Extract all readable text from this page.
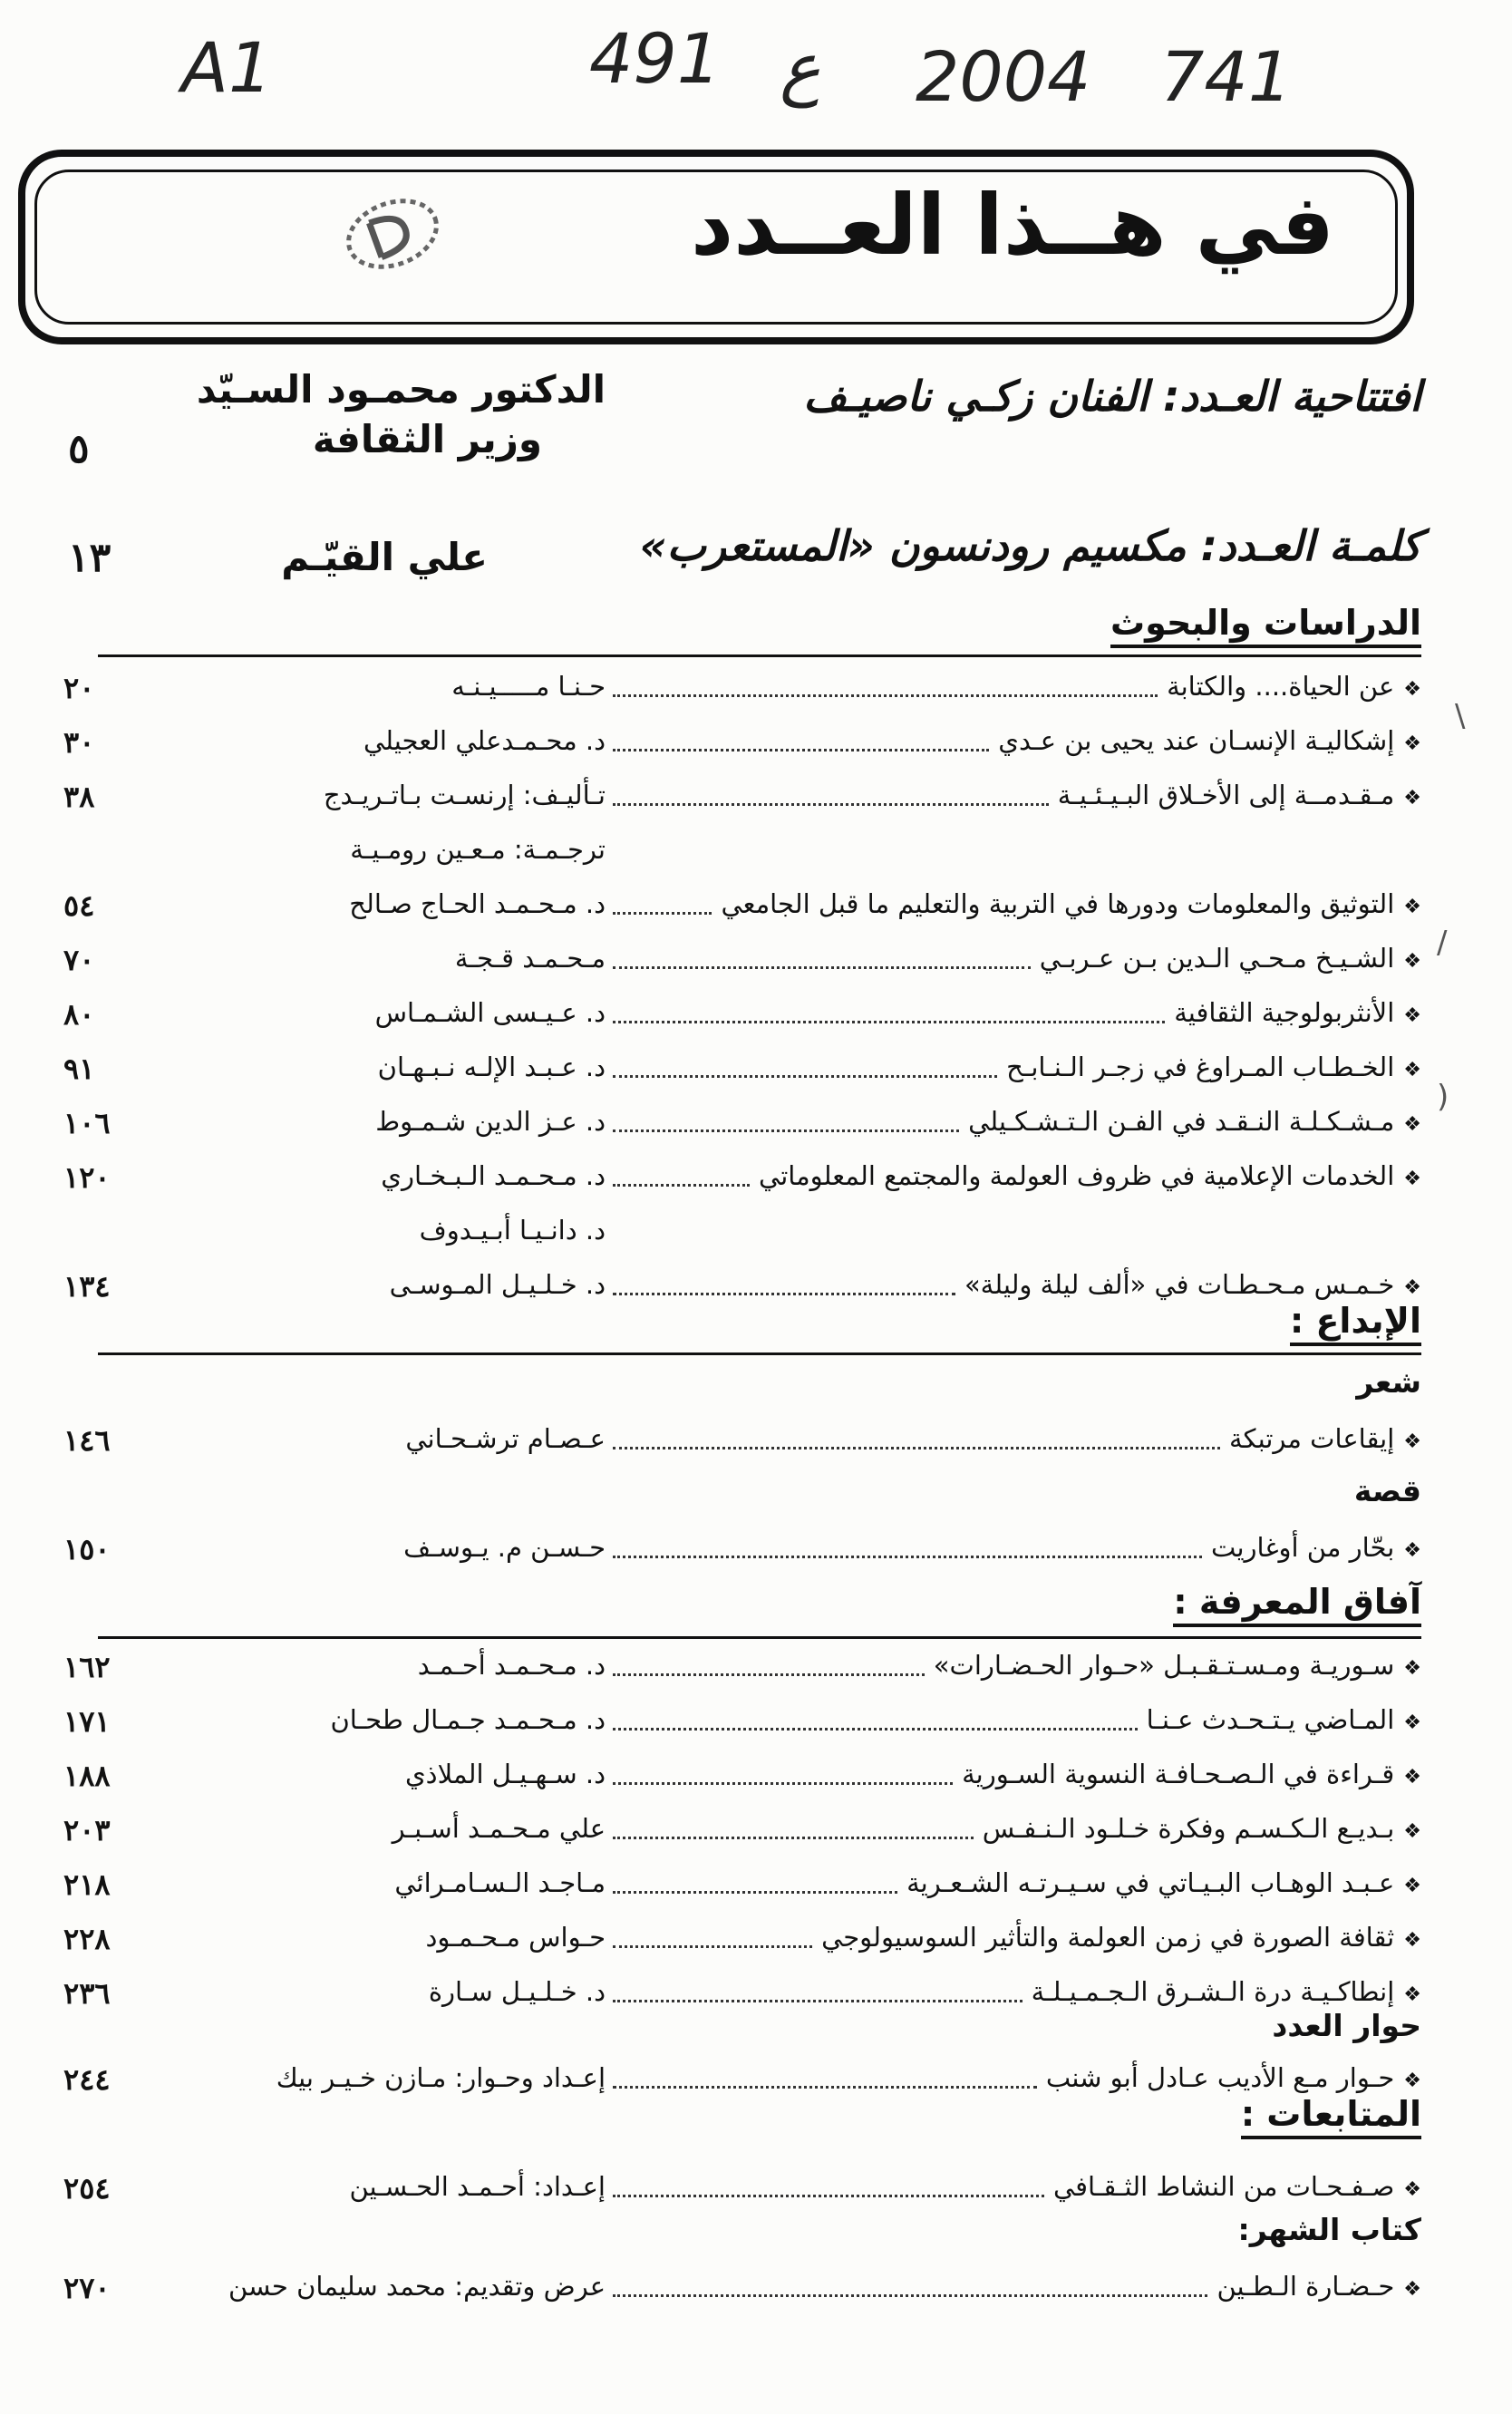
A1	491 ع 2004 741
في هــذا العــدد
افتتاحية العـدد: الفنان زكـي ناصيـف
الدكتور محمـود السـيّد
وزير الثقافة
٥
كلمـة العـدد: مكسيم رودنسون «المستعرب»
علي القيّـم
١٣
الدراسات والبحوث
❖عن الحياة.... والكتابة
حـنـا مـــــيـنـه
٢٠
❖إشكاليـة الإنسـان عند يحيى بن عـدي
د. محـمـدعلي العجيلي
٣٠
❖مـقـدمــة إلى الأخـلاق البـيـئـيـة
تـأليـف: إرنسـت بـاتـريـدج
٣٨
ترجـمـة: مـعـين رومـيـة
❖التوثيق والمعلومات ودورها في التربية والتعليم ما قبل الجامعي
د. مـحـمـد الحـاج صـالح
٥٤
❖الشـيـخ مـحـي الـدين بـن عـربـي
مـحـمـد قـجـة
٧٠
❖الأنثربولوجية الثقافية
د. عـيـسى الشـمـاس
٨٠
❖الخـطـاب المـراوغ في زجـر الـنـابـح
د. عـبـد الإلـه نـبـهـان
٩١
❖مـشـكـلـة النـقـد في الفـن الـتـشـكـيلي
د. عـز الدين شـمـوط
١٠٦
❖الخدمات الإعلامية في ظروف العولمة والمجتمع المعلوماتي
د. مـحـمـد الـبـخـاري
١٢٠
د. دانـيـا أبـيـدوف
❖خـمـس مـحـطـات في «ألف ليلة وليلة»
د. خـلـيـل المـوسـى
١٣٤
❖إيقاعات مرتبكة
عـصـام ترشـحـاني
١٤٦
❖بحّار من أوغاريت
حـسـن م. يـوسـف
١٥٠
❖سـوريـة ومـسـتـقـبـل «حـوار الحـضـارات»
د. مـحـمـد أحـمـد
١٦٢
❖المـاضي يـتـحـدث عـنـا
د. مـحـمـد جـمـال طحـان
١٧١
❖قـراءة في الـصـحـافـة النسوية السـورية
د. سـهـيـل الملاذي
١٨٨
❖بـديـع الـكـسـم وفكرة خـلـود الـنـفـس
علي مـحـمـد أسـبـر
٢٠٣
❖عـبـد الوهـاب البـيـاتي في سـيـرتـه الشـعـرية
مـاجـد الـسـامـرائي
٢١٨
❖ثقافة الصورة في زمن العولمة والتأثير السوسيولوجي
حـواس مـحـمـود
٢٢٨
❖إنطاكـيـة درة الـشـرق الـجـمـيـلـة
د. خـلـيـل سـارة
٢٣٦
❖حـوار مـع الأديب عـادل أبو شنب
إعـداد وحـوار: مـازن خـيـر بيك
٢٤٤
❖صـفـحـات من النشاط الثـقـافي
إعـداد: أحـمـد الحـسـين
٢٥٤
❖حـضـارة الـطـين
عرض وتقديم: محمد سليمان حسن
٢٧٠
الإبداع :
شعر
قصة
آفاق المعرفة :
حوار العدد
المتابعات :
كتاب الشهر:
\
/
)
